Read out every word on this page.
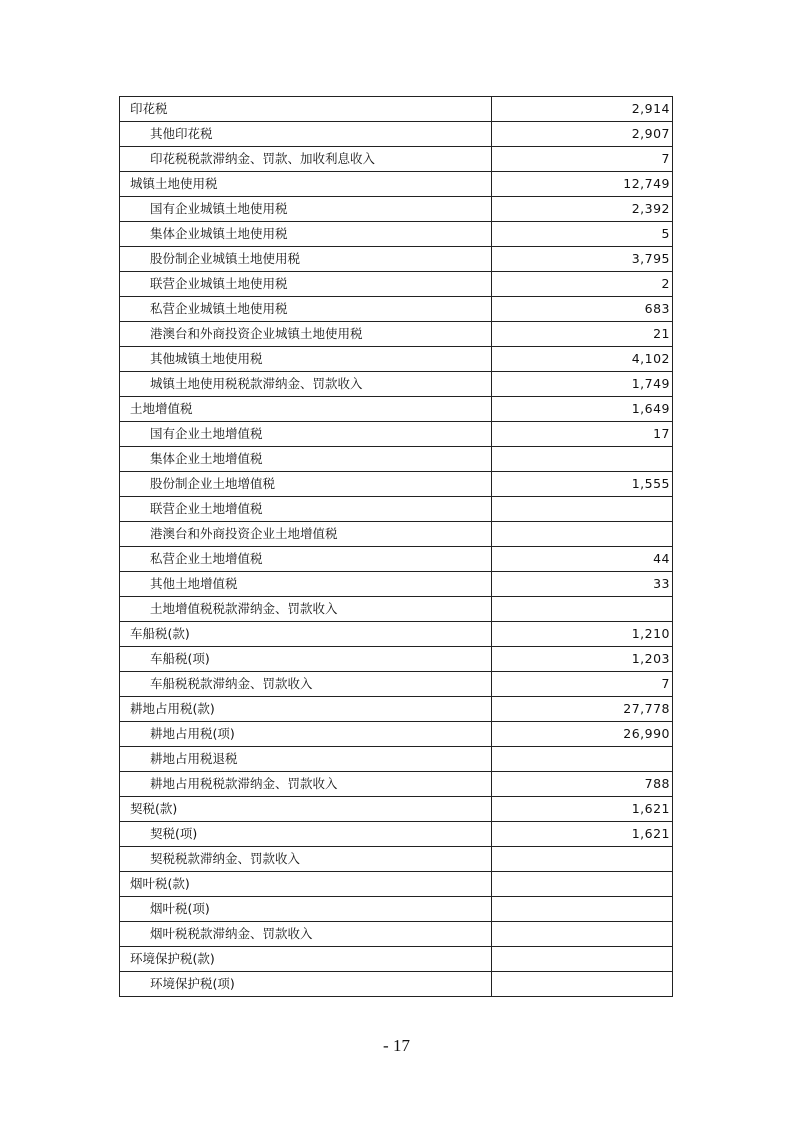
印花税	2,914
其他印花税	2,907
印花税税款滞纳金、罚款、加收利息收入	7
城镇土地使用税	12,749
国有企业城镇土地使用税	2,392
集体企业城镇土地使用税	5
股份制企业城镇土地使用税	3,795
联营企业城镇土地使用税	2
私营企业城镇土地使用税	683
港澳台和外商投资企业城镇土地使用税	21
其他城镇土地使用税	4,102
城镇土地使用税税款滞纳金、罚款收入	1,749
土地增值税	1,649
国有企业土地增值税	17
集体企业土地增值税	
股份制企业土地增值税	1,555
联营企业土地增值税	
港澳台和外商投资企业土地增值税	
私营企业土地增值税	44
其他土地增值税	33
土地增值税税款滞纳金、罚款收入	
车船税(款)	1,210
车船税(项)	1,203
车船税税款滞纳金、罚款收入	7
耕地占用税(款)	27,778
耕地占用税(项)	26,990
耕地占用税退税	
耕地占用税税款滞纳金、罚款收入	788
契税(款)	1,621
契税(项)	1,621
契税税款滞纳金、罚款收入	
烟叶税(款)	
烟叶税(项)	
烟叶税税款滞纳金、罚款收入	
环境保护税(款)	
环境保护税(项)	
- 17
